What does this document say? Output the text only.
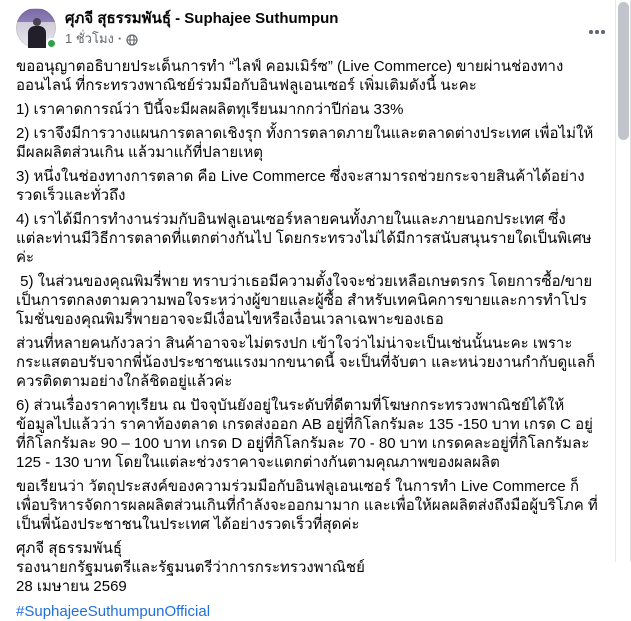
ศุภจี สุธรรมพันธุ์ - Suphajee Suthumpun
1 ชั่วโมง ·

ขออนุญาตอธิบายประเด็นการทำ “ไลฟ์ คอมเมิร์ซ” (Live Commerce) ขายผ่านช่องทางออนไลน์ ที่กระทรวงพาณิชย์ร่วมมือกับอินฟลูเอนเซอร์ เพิ่มเติมดังนี้ นะคะ

1) เราคาดการณ์ว่า ปีนี้จะมีผลผลิตทุเรียนมากกว่าปีก่อน 33%

2) เราจึงมีการวางแผนการตลาดเชิงรุก ทั้งการตลาดภายในและตลาดต่างประเทศ เพื่อไม่ให้มีผลผลิตส่วนเกิน แล้วมาแก้ที่ปลายเหตุ

3) หนึ่งในช่องทางการตลาด คือ Live Commerce ซึ่งจะสามารถช่วยกระจายสินค้าได้อย่างรวดเร็วและทั่วถึง

4) เราได้มีการทำงานร่วมกับอินฟลูเอนเซอร์หลายคนทั้งภายในและภายนอกประเทศ ซึ่งแต่ละท่านมีวิธีการตลาดที่แตกต่างกันไป โดยกระทรวงไม่ได้มีการสนับสนุนรายใดเป็นพิเศษค่ะ

5) ในส่วนของคุณพิมรี่พาย ทราบว่าเธอมีความตั้งใจจะช่วยเหลือเกษตรกร โดยการซื้อ/ขายเป็นการตกลงตามความพอใจระหว่างผู้ขายและผู้ซื้อ สำหรับเทคนิคการขายและการทำโปรโมชั่นของคุณพิมรี่พายอาจจะมีเงื่อนไขหรือเงื่อนเวลาเฉพาะของเธอ

ส่วนที่หลายคนกังวลว่า สินค้าอาจจะไม่ตรงปก เข้าใจว่าไม่น่าจะเป็นเช่นนั้นนะคะ เพราะกระแสตอบรับจากพี่น้องประชาชนแรงมากขนาดนี้ จะเป็นที่จับตา และหน่วยงานกำกับดูแลก็ควรติดตามอย่างใกล้ชิดอยู่แล้วค่ะ

6) ส่วนเรื่องราคาทุเรียน ณ ปัจจุบันยังอยู่ในระดับที่ดีตามที่โฆษกกระทรวงพาณิชย์ได้ให้ข้อมูลไปแล้วว่า ราคาท้องตลาด เกรดส่งออก AB อยู่ที่กิโลกรัมละ 135 -150 บาท เกรด C อยู่ที่กิโลกรัมละ 90 – 100 บาท เกรด D อยู่ที่กิโลกรัมละ 70 - 80 บาท เกรดคละอยู่ที่กิโลกรัมละ 125 - 130 บาท โดยในแต่ละช่วงราคาจะแตกต่างกันตามคุณภาพของผลผลิต

ขอเรียนว่า วัตถุประสงค์ของความร่วมมือกับอินฟลูเอนเซอร์ ในการทำ Live Commerce ก็เพื่อบริหารจัดการผลผลิตส่วนเกินที่กำลังจะออกมามาก และเพื่อให้ผลผลิตส่งถึงมือผู้บริโภค ที่เป็นพี่น้องประชาชนในประเทศ ได้อย่างรวดเร็วที่สุดค่ะ

ศุภจี สุธรรมพันธุ์
รองนายกรัฐมนตรีและรัฐมนตรีว่าการกระทรวงพาณิชย์
28 เมษายน 2569
#SuphajeeSuthumpunOfficial
